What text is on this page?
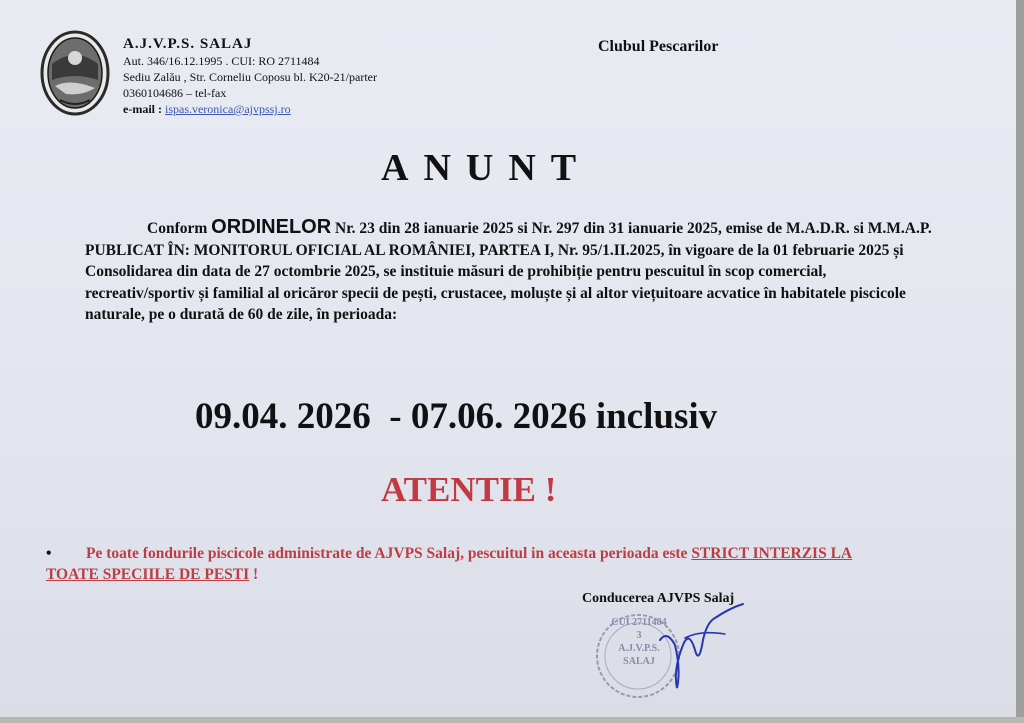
A.J.V.P.S. SALAJ
Aut. 346/16.12.1995 . CUI: RO 2711484
Sediu Zalău , Str. Corneliu Coposu bl. K20-21/parter
0360104686 – tel-fax
e-mail : ispas.veronica@ajvpssj.ro
Clubul Pescarilor
ANUNT
Conform ORDINELOR Nr. 23 din 28 ianuarie 2025 si Nr. 297 din 31 ianuarie 2025, emise de M.A.D.R. si M.M.A.P. PUBLICAT ÎN: MONITORUL OFICIAL AL ROMÂNIEI, PARTEA I, Nr. 95/1.II.2025, în vigoare de la 01 februarie 2025 și Consolidarea din data de 27 octombrie 2025, se instituie măsuri de prohibiție pentru pescuitul în scop comercial, recreativ/sportiv și familial al oricăror specii de pești, crustacee, moluște și al altor viețuitoare acvatice în habitatele piscicole naturale, pe o durată de 60 de zile, în perioada:
09.04. 2026  - 07.06. 2026 inclusiv
ATENTIE !
• Pe toate fondurile piscicole administrate de AJVPS Salaj, pescuitul in aceasta perioada este STRICT INTERZIS LA TOATE SPECIILE DE PESTI !
Conducerea AJVPS Salaj
CUI 2711484
3
A.J.V.P.S.
SALAJ
